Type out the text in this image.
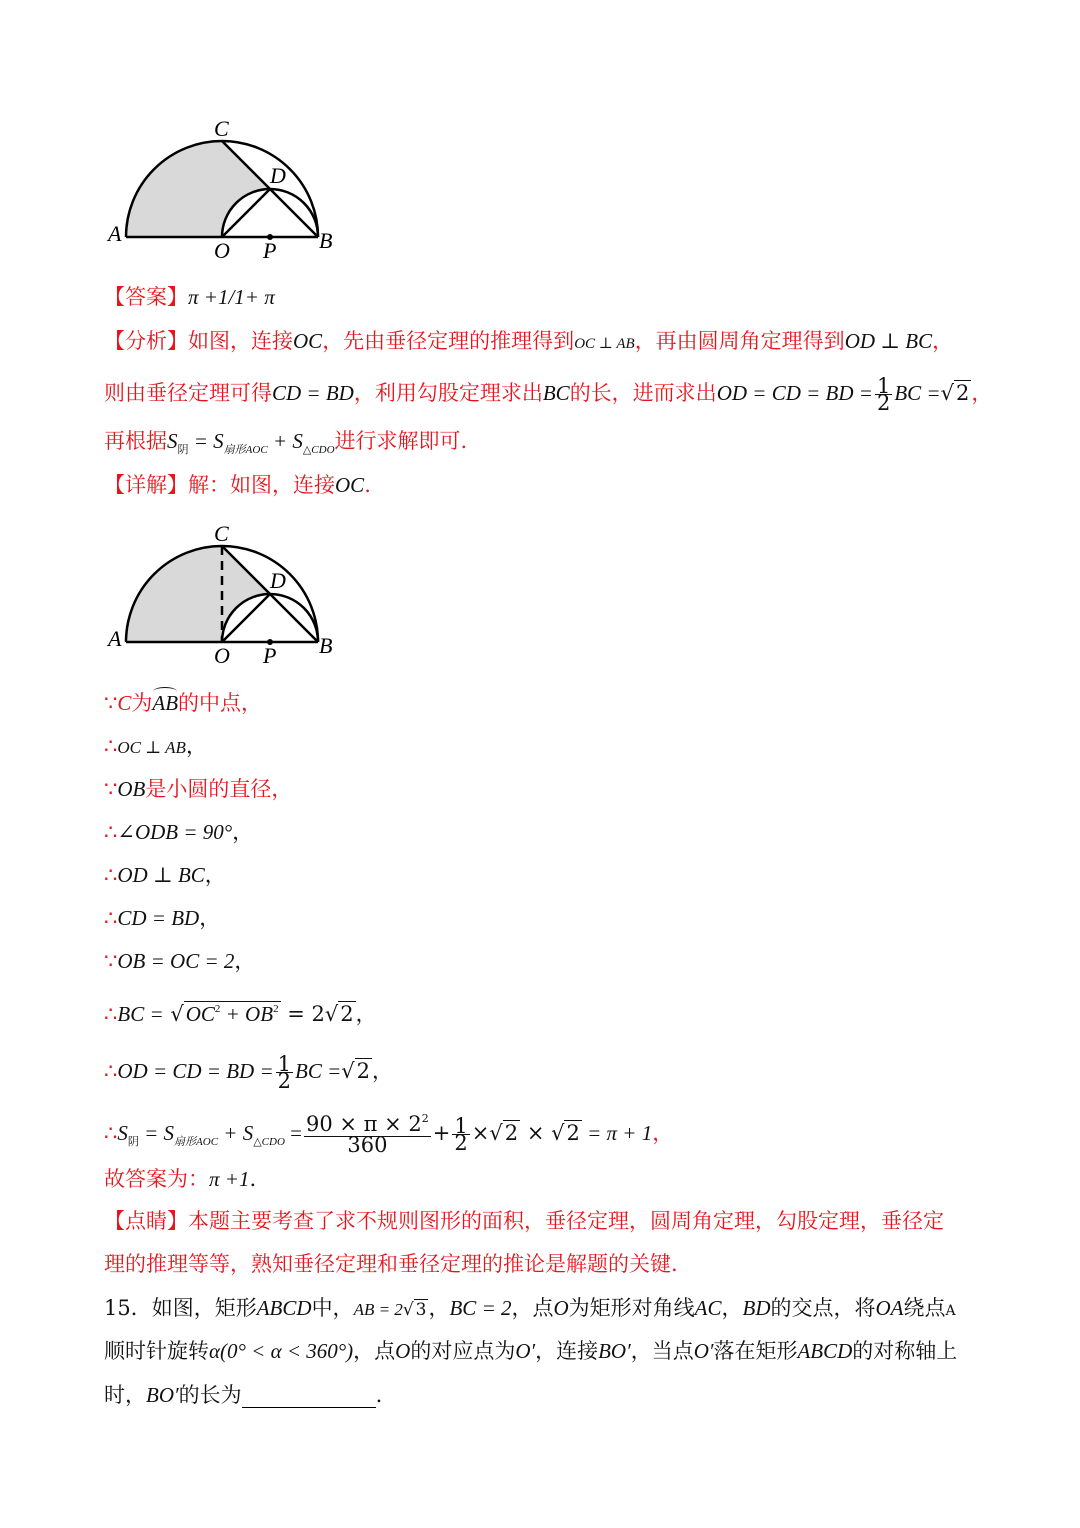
C
D
A
O P B
【答案】π +1/1+ π
【分析】如图，连接OC，先由垂径定理的推理得到OC ⊥ AB，再由圆周角定理得到OD ⊥ BC，
则由垂径定理可得CD = BD，利用勾股定理求出BC的长，进而求出OD = CD = BD = $\frac{1}{2}$ BC =√2，
再根据$S_阴 = S_{扇形AOC} + S_{\triangle CDO}$进行求解即可.
【详解】解：如图，连接OC.
C
D
A
O P B
∵C为AB的中点，
∴OC ⊥ AB，
∵OB是小圆的直径，
∴∠ODB = 90°，
∴OD ⊥ BC，
∴CD = BD，
∵OB = OC = 2，
∴BC = $√OC^2 + OB^2 = 2√2$，
∴OD = CD = BD = $\frac{1}{2}$ BC =√2，
$\therefore S_阴 = S_{扇形AOC} + S_{\triangle CDO} = \frac{90 \times \pi \times 2^2}{360} + \frac{1}{2} \times√2 \times √2 = \pi + 1$，
故答案为：π +1.
【点睛】本题主要考查了求不规则图形的面积，垂径定理，圆周角定理，勾股定理，垂径定
理的推理等等，熟知垂径定理和垂径定理的推论是解题的关键.
15．如图，矩形ABCD中，AB = 2√ 3，BC = 2，点O为矩形对角线AC，BD的交点，将OA绕点A
顺时针旋转α(0° < α < 360°)，点O的对应点为O′，连接BO′，当点O′落在矩形ABCD的对称轴上
时，BO′的长为	.
